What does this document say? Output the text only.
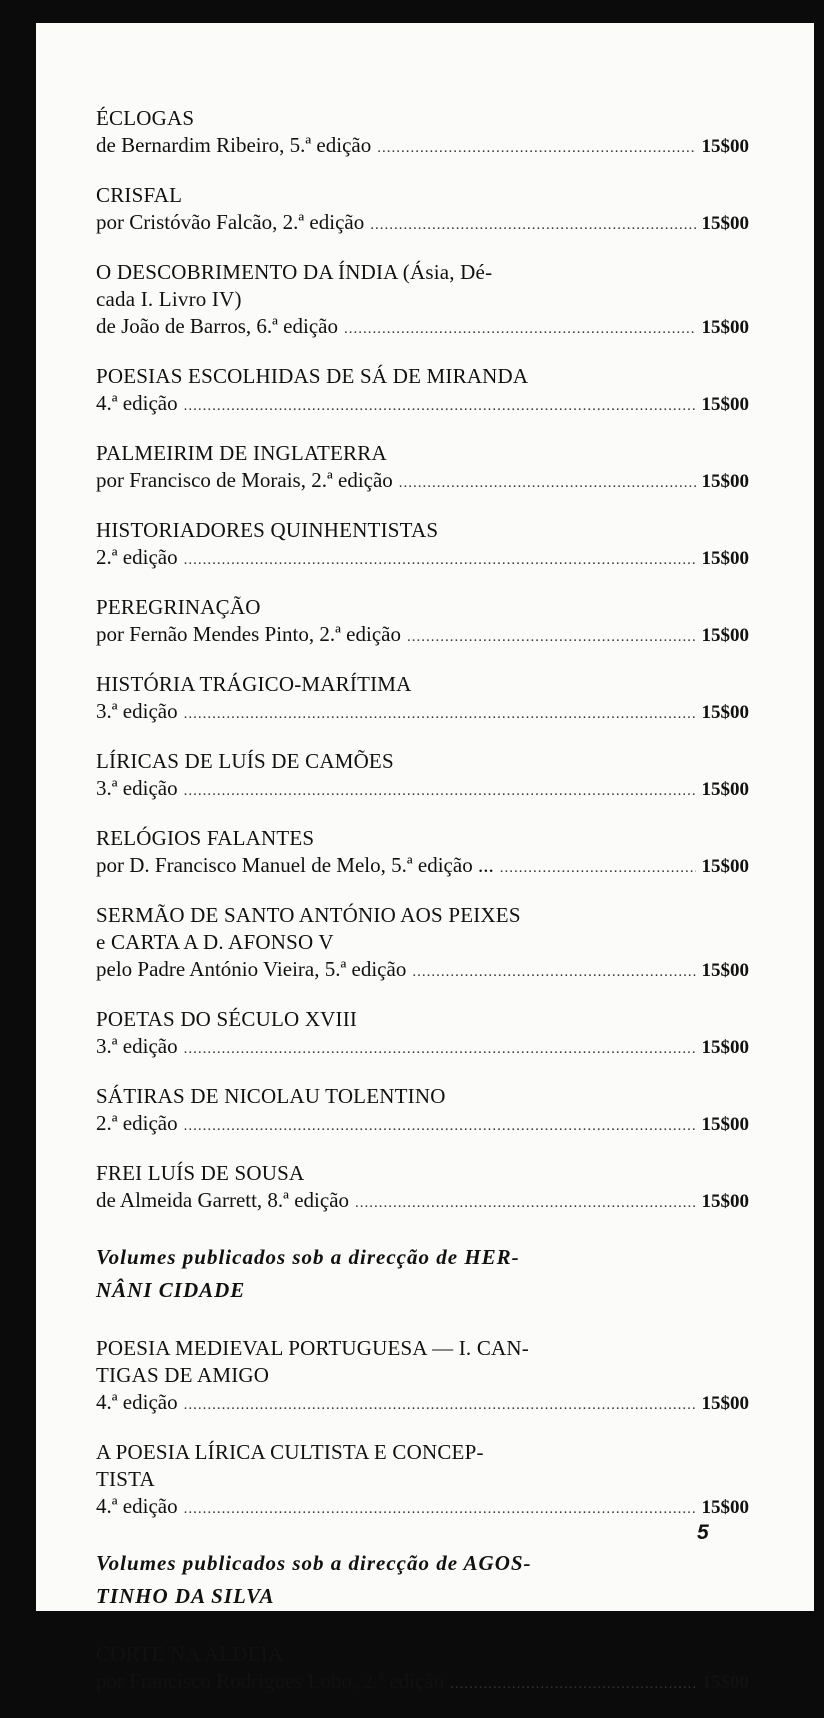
ÉCLOGAS
de Bernardim Ribeiro, 5.ª edição .....	15$00
CRISFAL
por Cristóvão Falcão, 2.ª edição .....	15$00
O DESCOBRIMENTO DA ÍNDIA (Ásia, Dé-
cada I. Livro IV)
de João de Barros, 6.ª edição .....	15$00
POESIAS ESCOLHIDAS DE SÁ DE MIRANDA
4.ª edição .....	15$00
PALMEIRIM DE INGLATERRA
por Francisco de Morais, 2.ª edição .....	15$00
HISTORIADORES QUINHENTISTAS
2.ª edição .....	15$00
PEREGRINAÇÃO
por Fernão Mendes Pinto, 2.ª edição .....	15$00
HISTÓRIA TRÁGICO-MARÍTIMA
3.ª edição .....	15$00
LÍRICAS DE LUÍS DE CAMÕES
3.ª edição .....	15$00
RELÓGIOS FALANTES
por D. Francisco Manuel de Melo, 5.ª edição ... .....	15$00
SERMÃO DE SANTO ANTÓNIO AOS PEIXES
e CARTA A D. AFONSO V
pelo Padre António Vieira, 5.ª edição .....	15$00
POETAS DO SÉCULO XVIII
3.ª edição .....	15$00
SÁTIRAS DE NICOLAU TOLENTINO
2.ª edição .....	15$00
FREI LUÍS DE SOUSA
de Almeida Garrett, 8.ª edição .....	15$00
Volumes publicados sob a direcção de HER-
NÂNI CIDADE
POESIA MEDIEVAL PORTUGUESA — I. CAN-
TIGAS DE AMIGO
4.ª edição .....	15$00
A POESIA LÍRICA CULTISTA E CONCEP-
TISTA
4.ª edição .....	15$00
Volumes publicados sob a direcção de AGOS-
TINHO DA SILVA
CORTE NA ALDEIA
por Francisco Rodrigues Lobo, 2.ª edição .....	15$00
5
